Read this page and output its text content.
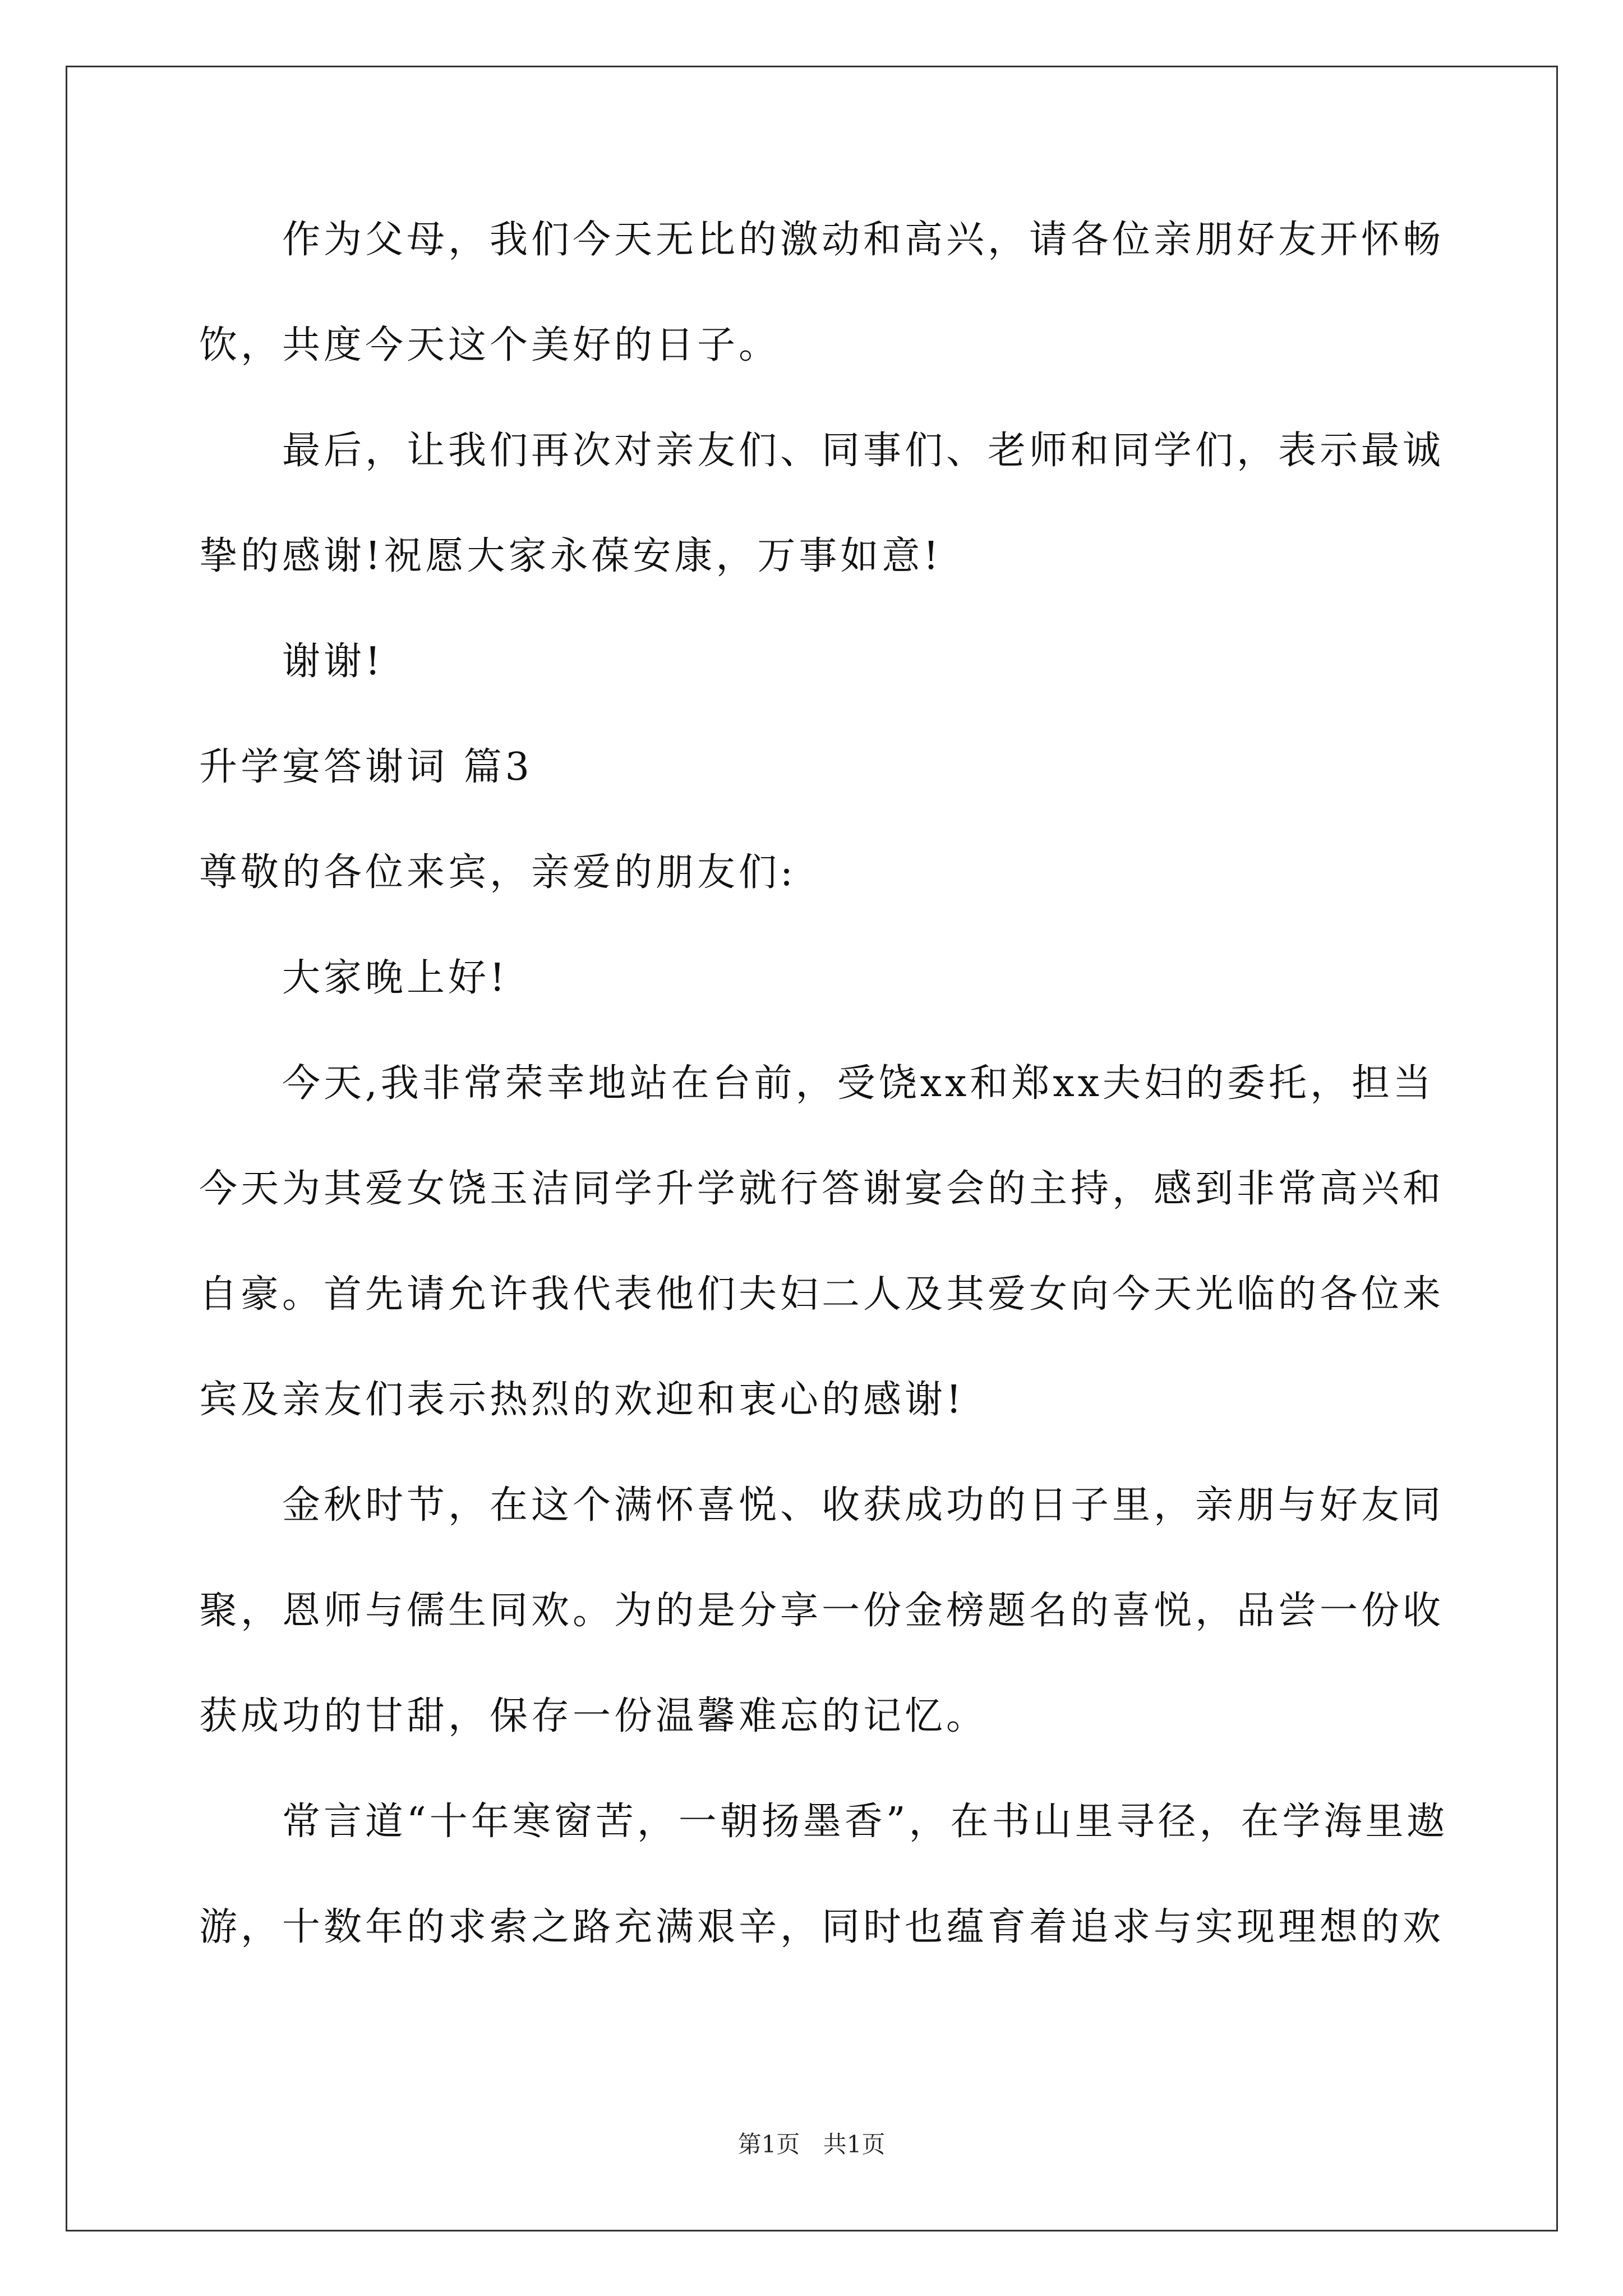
作为父母，我们今天无比的激动和高兴，请各位亲朋好友开怀畅
饮，共度今天这个美好的日子。
最后，让我们再次对亲友们、同事们、老师和同学们，表示最诚
挚的感谢!祝愿大家永葆安康，万事如意!
谢谢!
升学宴答谢词 篇3
尊敬的各位来宾，亲爱的朋友们:
大家晚上好!
今天,我非常荣幸地站在台前，受饶xx和郑xx夫妇的委托，担当
今天为其爱女饶玉洁同学升学就行答谢宴会的主持，感到非常高兴和
自豪。首先请允许我代表他们夫妇二人及其爱女向今天光临的各位来
宾及亲友们表示热烈的欢迎和衷心的感谢!
金秋时节，在这个满怀喜悦、收获成功的日子里，亲朋与好友同
聚，恩师与儒生同欢。为的是分享一份金榜题名的喜悦，品尝一份收
获成功的甘甜，保存一份温馨难忘的记忆。
常言道“十年寒窗苦，一朝扬墨香”，在书山里寻径，在学海里遨
游，十数年的求索之路充满艰辛，同时也蕴育着追求与实现理想的欢
第1页 共1页
